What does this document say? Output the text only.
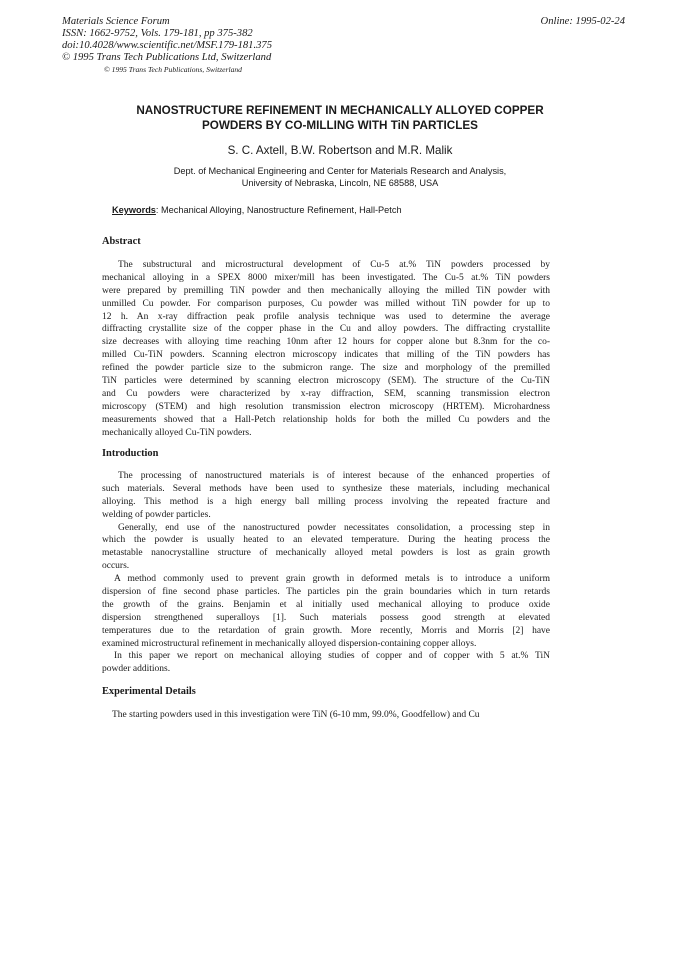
Materials Science Forum
ISSN: 1662-9752, Vols. 179-181, pp 375-382
doi:10.4028/www.scientific.net/MSF.179-181.375
© 1995 Trans Tech Publications Ltd, Switzerland
Online: 1995-02-24
© 1995 Trans Tech Publications, Switzerland
NANOSTRUCTURE REFINEMENT IN MECHANICALLY ALLOYED COPPER
POWDERS BY CO-MILLING WITH TiN PARTICLES
S. C. Axtell, B.W. Robertson and M.R. Malik
Dept. of Mechanical Engineering and Center for Materials Research and Analysis,
University of Nebraska, Lincoln, NE 68588, USA
Keywords: Mechanical Alloying, Nanostructure Refinement, Hall-Petch
Abstract
The substructural and microstructural development of Cu-5 at.% TiN powders processed by
mechanical alloying in a SPEX 8000 mixer/mill has been investigated. The Cu-5 at.% TiN powders
were prepared by premilling TiN powder and then mechanically alloying the milled TiN powder with
unmilled Cu powder. For comparison purposes, Cu powder was milled without TiN powder for up to
12 h. An x-ray diffraction peak profile analysis technique was used to determine the average
diffracting crystallite size of the copper phase in the Cu and alloy powders. The diffracting crystallite
size decreases with alloying time reaching 10nm after 12 hours for copper alone but 8.3nm for the co-
milled Cu-TiN powders. Scanning electron microscopy indicates that milling of the TiN powders has
refined the powder particle size to the submicron range. The size and morphology of the premilled
TiN particles were determined by scanning electron microscopy (SEM). The structure of the Cu-TiN
and Cu powders were characterized by x-ray diffraction, SEM, scanning transmission electron
microscopy (STEM) and high resolution transmission electron microscopy (HRTEM). Microhardness
measurements showed that a Hall-Petch relationship holds for both the milled Cu powders and the
mechanically alloyed Cu-TiN powders.
Introduction
The processing of nanostructured materials is of interest because of the enhanced properties of
such materials. Several methods have been used to synthesize these materials, including mechanical
alloying. This method is a high energy ball milling process involving the repeated fracture and
welding of powder particles.
Generally, end use of the nanostructured powder necessitates consolidation, a processing step in
which the powder is usually heated to an elevated temperature. During the heating process the
metastable nanocrystalline structure of mechanically alloyed metal powders is lost as grain growth
occurs.
A method commonly used to prevent grain growth in deformed metals is to introduce a uniform
dispersion of fine second phase particles. The particles pin the grain boundaries which in turn retards
the growth of the grains. Benjamin et al initially used mechanical alloying to produce oxide
dispersion strengthened superalloys [1]. Such materials possess good strength at elevated
temperatures due to the retardation of grain growth. More recently, Morris and Morris [2] have
examined microstructural refinement in mechanically alloyed dispersion-containing copper alloys.
In this paper we report on mechanical alloying studies of copper and of copper with 5 at.% TiN
powder additions.
Experimental Details
The starting powders used in this investigation were TiN (6-10 mm, 99.0%, Goodfellow) and Cu
